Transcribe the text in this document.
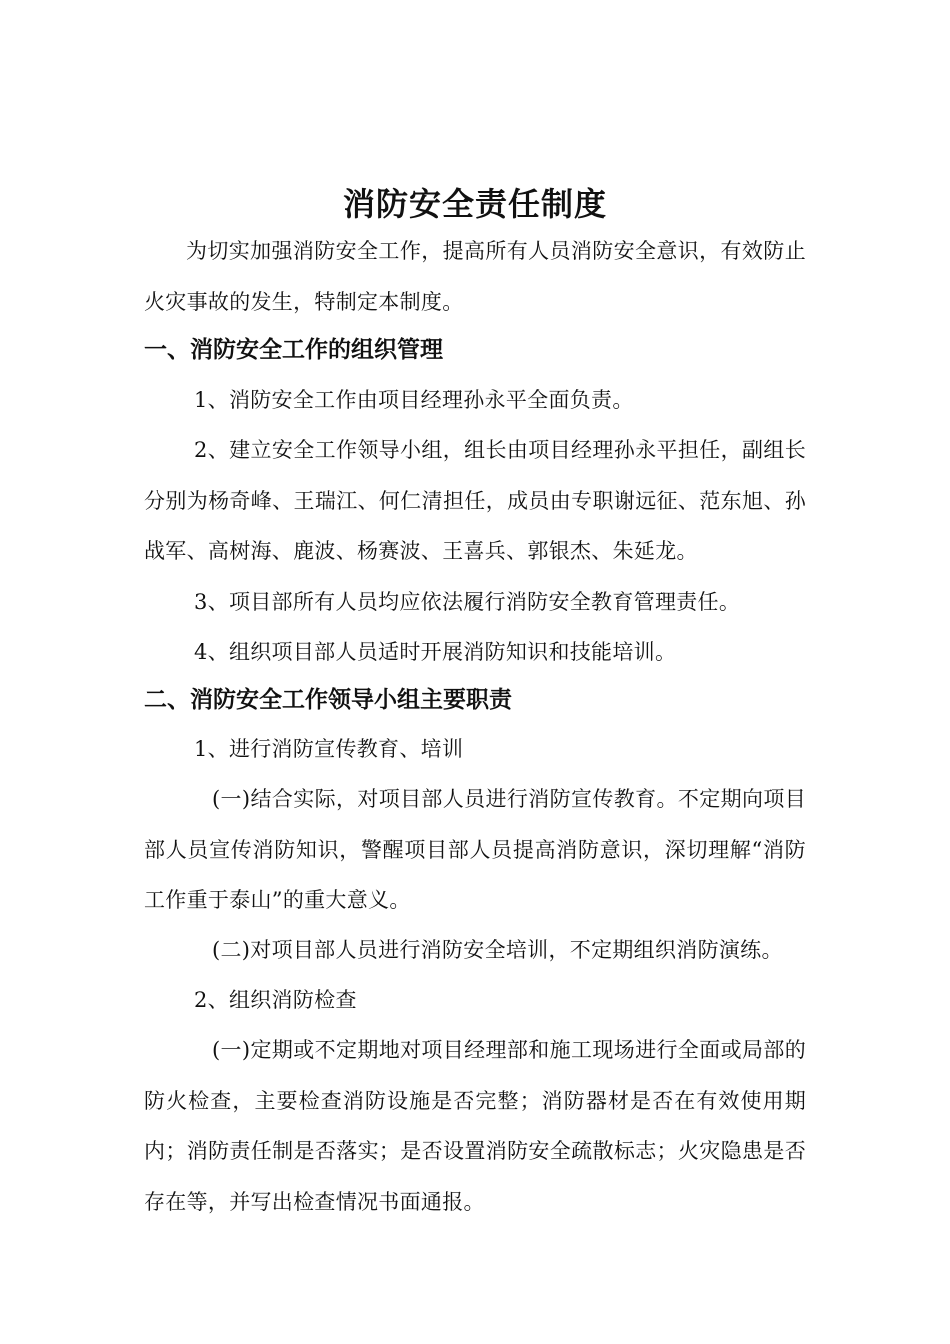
消防安全责任制度
为切实加强消防安全工作，提高所有人员消防安全意识，有效防止火灾事故的发生，特制定本制度。
一、消防安全工作的组织管理
1、消防安全工作由项目经理孙永平全面负责。
2、建立安全工作领导小组，组长由项目经理孙永平担任，副组长分别为杨奇峰、王瑞江、何仁清担任，成员由专职谢远征、范东旭、孙战军、高树海、鹿波、杨赛波、王喜兵、郭银杰、朱延龙。
3、项目部所有人员均应依法履行消防安全教育管理责任。
4、组织项目部人员适时开展消防知识和技能培训。
二、消防安全工作领导小组主要职责
1、进行消防宣传教育、培训
(一)结合实际，对项目部人员进行消防宣传教育。不定期向项目部人员宣传消防知识，警醒项目部人员提高消防意识，深切理解“消防工作重于泰山”的重大意义。
(二)对项目部人员进行消防安全培训，不定期组织消防演练。
2、组织消防检查
(一)定期或不定期地对项目经理部和施工现场进行全面或局部的防火检查，主要检查消防设施是否完整；消防器材是否在有效使用期内；消防责任制是否落实；是否设置消防安全疏散标志；火灾隐患是否存在等，并写出检查情况书面通报。
